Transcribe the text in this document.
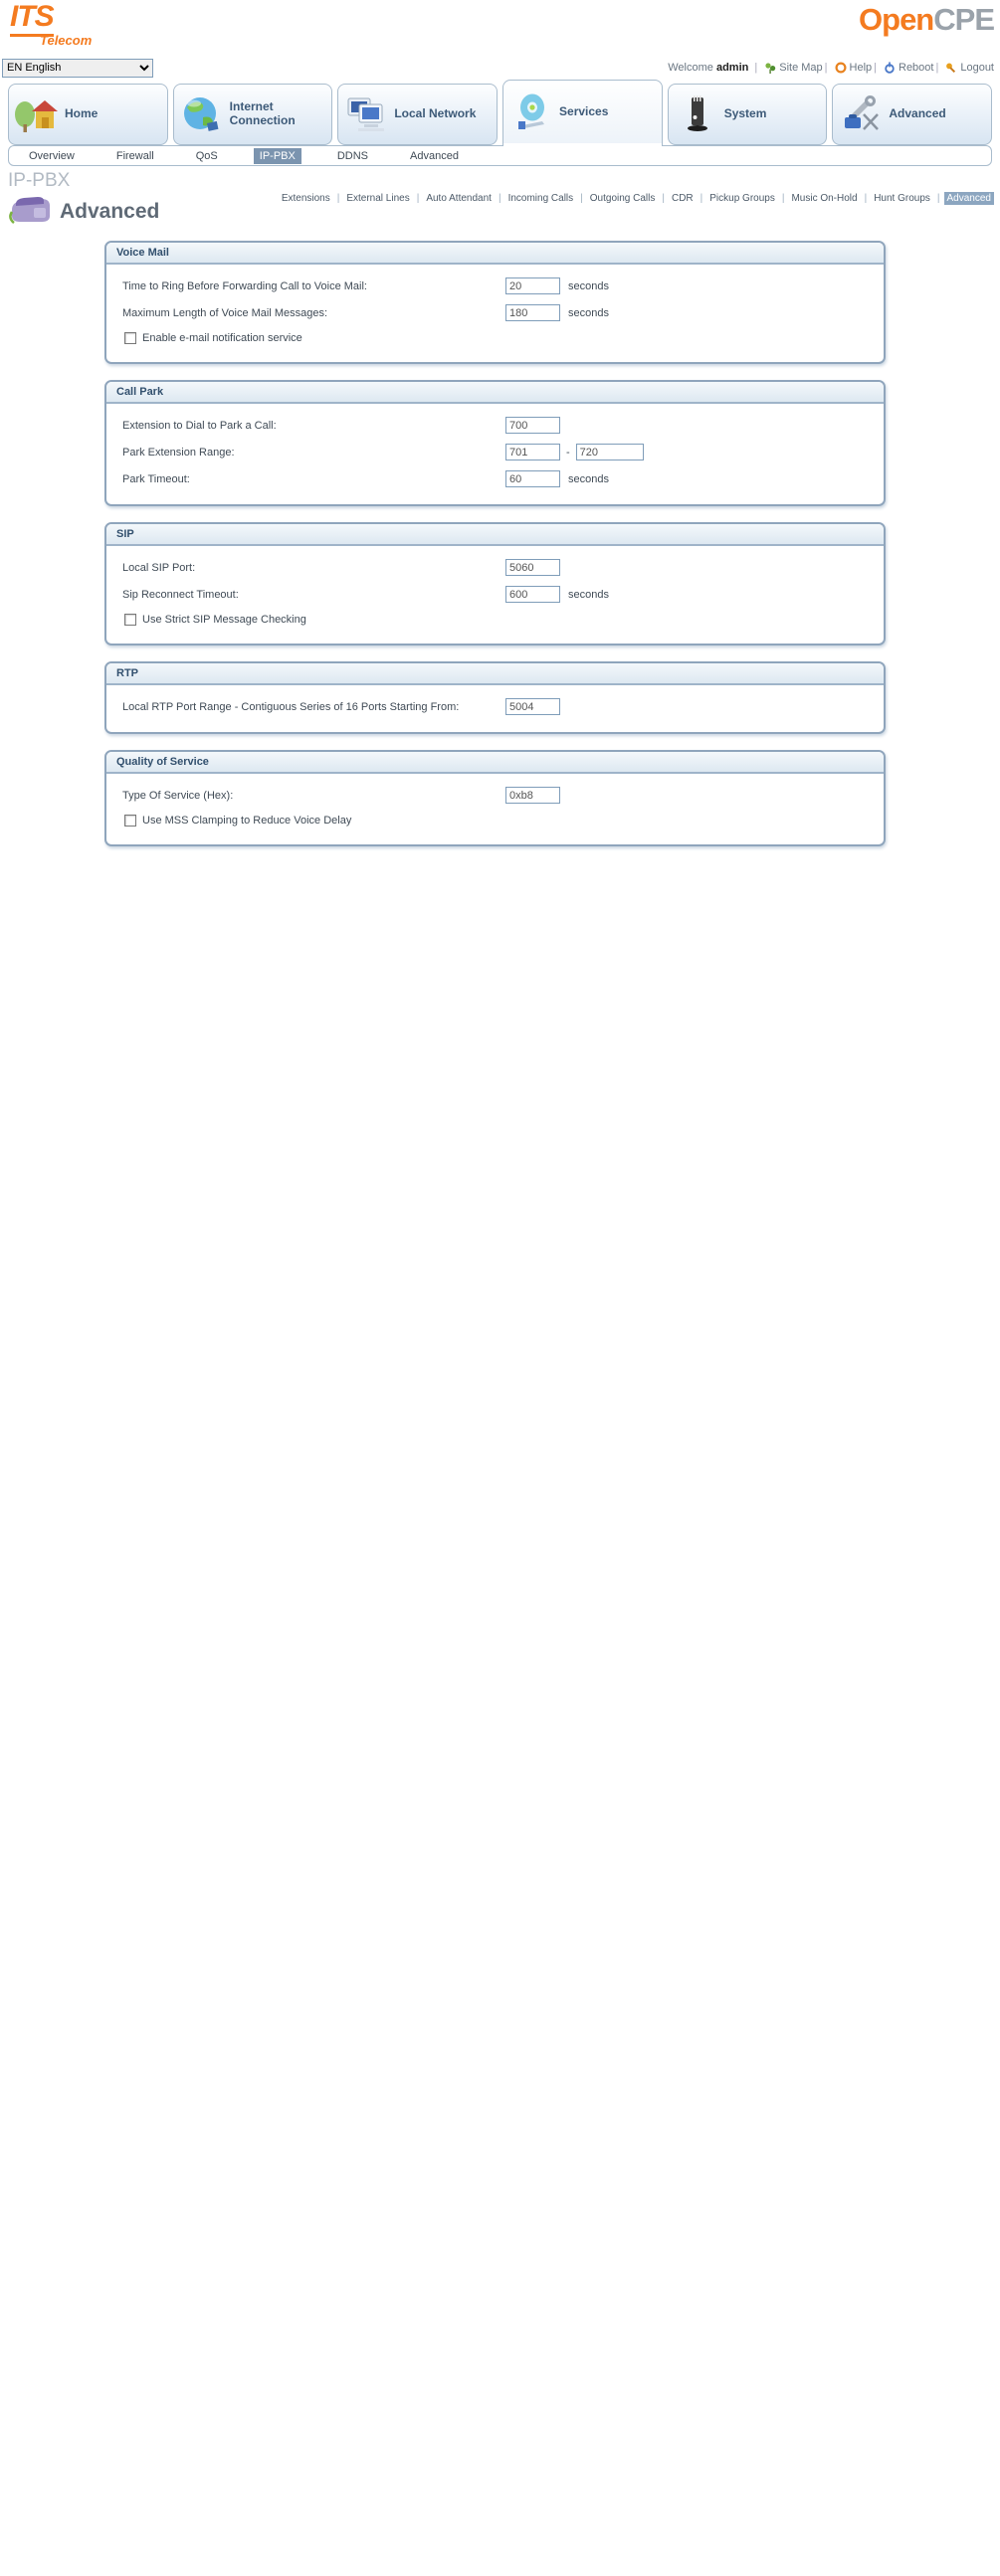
ITS
Telecom
OpenCPE
EN English
Welcome admin	| Site Map | Help | Reboot | Logout
Home	Internet Connection	Local Network	Services	System	Advanced
Overview	Firewall	QoS	IP-PBX	DDNS	Advanced
IP-PBX
Advanced
Extensions | External Lines | Auto Attendant | Incoming Calls | Outgoing Calls | CDR | Pickup Groups | Music On-Hold | Hunt Groups | Advanced
Voice Mail
Time to Ring Before Forwarding Call to Voice Mail:
20	seconds
Maximum Length of Voice Mail Messages:
180	seconds
Enable e-mail notification service
Call Park
Extension to Dial to Park a Call:
700
Park Extension Range:
701	-
720
Park Timeout:
60	seconds
SIP
Local SIP Port:
5060
Sip Reconnect Timeout:
600	seconds
Use Strict SIP Message Checking
RTP
Local RTP Port Range - Contiguous Series of 16 Ports Starting From:
5004
Quality of Service
Type Of Service (Hex):
0xb8
Use MSS Clamping to Reduce Voice Delay
